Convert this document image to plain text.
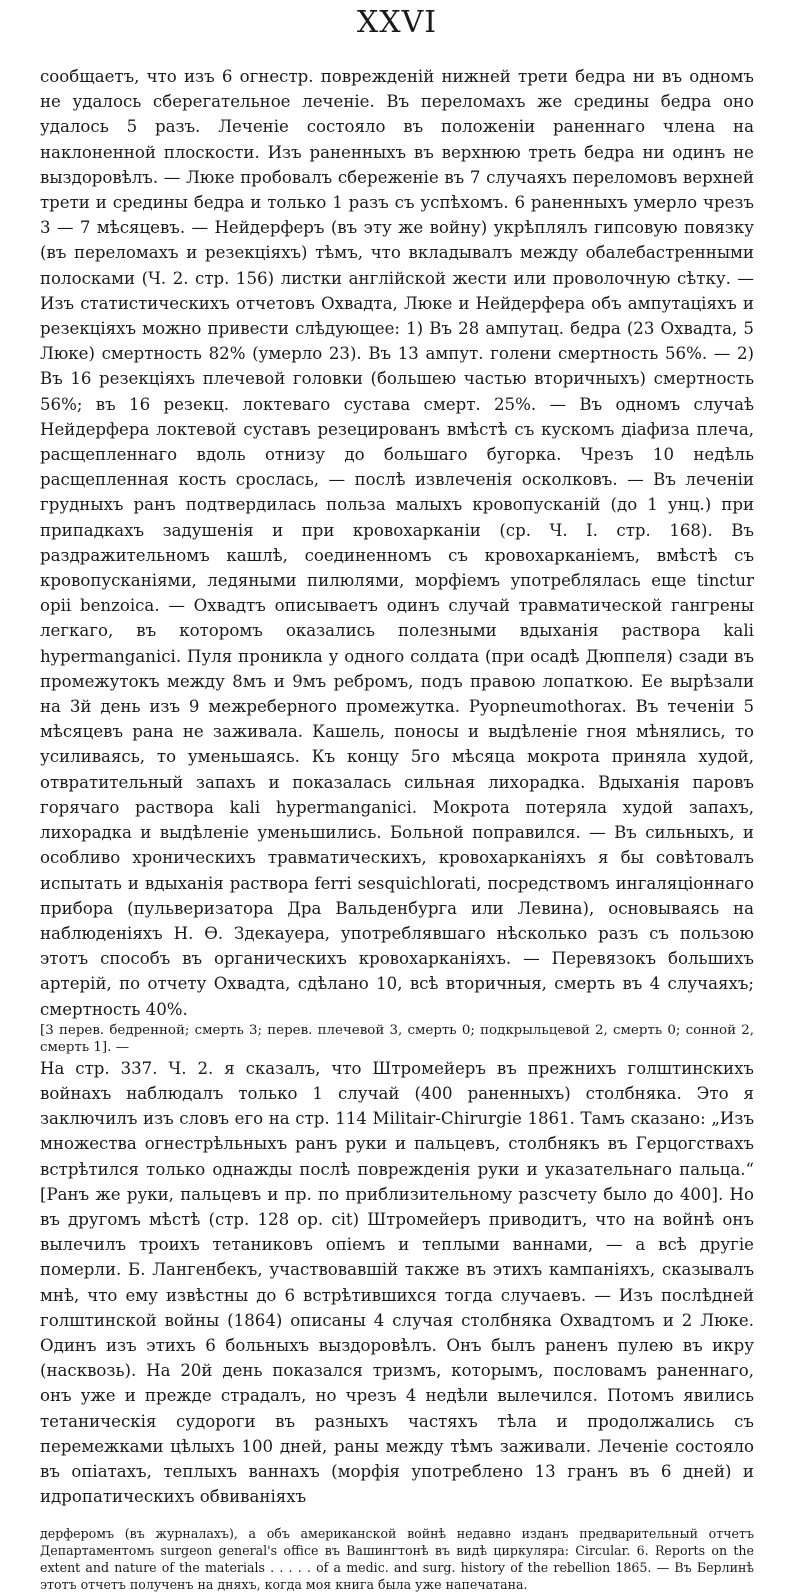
XXVI

сообщаетъ, что изъ 6 огнестр. поврежденій нижней трети бедра ни въ одномъ не удалось сберегательное леченіе. Въ переломахъ же средины бедра оно удалось 5 разъ. Леченіе состояло въ положеніи раненнаго члена на наклоненной плоскости. Изъ раненныхъ въ верхнюю треть бедра ни одинъ не выздоровѣлъ. — Люке пробовалъ сбереженіе въ 7 случаяхъ переломовъ верхней трети и средины бедра и только 1 разъ съ успѣхомъ. 6 раненныхъ умерло чрезъ 3 — 7 мѣсяцевъ. — Нейдерферъ (въ эту же войну) укрѣплялъ гипсовую повязку (въ переломахъ и резекціяхъ) тѣмъ, что вкладывалъ между обалебастренными полосками (Ч. 2. стр. 156) листки англійской жести или проволочную сѣтку. — Изъ статистическихъ отчетовъ Охвадта, Люке и Нейдерфера объ ампутаціяхъ и резекціяхъ можно привести слѣдующее: 1) Въ 28 ампутац. бедра (23 Охвадта, 5 Люке) смертность 82% (умерло 23). Въ 13 ампут. голени смертность 56%. — 2) Въ 16 резекціяхъ плечевой головки (большею частью вторичныхъ) смертность 56%; въ 16 резекц. локтеваго сустава смерт. 25%. — Въ одномъ случаѣ Нейдерфера локтевой суставъ резецированъ вмѣстѣ съ кускомъ діафиза плеча, расщепленнаго вдоль отнизу до большаго бугорка. Чрезъ 10 недѣль расщепленная кость срослась, — послѣ извлеченія осколковъ. — Въ леченіи грудныхъ ранъ подтвердилась польза малыхъ кровопусканій (до 1 унц.) при припадкахъ задушенія и при кровохарканіи (ср. Ч. I. стр. 168). Въ раздражительномъ кашлѣ, соединенномъ съ кровохарканіемъ, вмѣстѣ съ кровопусканіями, ледяными пилюлями, морфіемъ употреблялась еще tinctur opii benzoica. — Охвадтъ описываетъ одинъ случай травматической гангрены легкаго, въ которомъ оказались полезными вдыханія раствора kali hypermanganici. Пуля проникла у одного солдата (при осадѣ Дюппеля) сзади въ промежутокъ между 8мъ и 9мъ ребромъ, подъ правою лопаткою. Ее вырѣзали на 3й день изъ 9 межреберного промежутка. Pyopneumothorax. Въ теченіи 5 мѣсяцевъ рана не заживала. Кашель, поносы и выдѣленіе гноя мѣнялись, то усиливаясь, то уменьшаясь. Къ концу 5го мѣсяца мокрота приняла худой, отвратительный запахъ и показалась сильная лихорадка. Вдыханія паровъ горячаго раствора kali hypermanganici. Мокрота потеряла худой запахъ, лихорадка и выдѣленіе уменьшились. Больной поправился. — Въ сильныхъ, и особливо хроническихъ травматическихъ, кровохарканіяхъ я бы совѣтовалъ испытать и вдыханія раствора ferri sesquichlorati, посредствомъ ингаляціоннаго прибора (пульверизатора Дра Вальденбурга или Левина), основываясь на наблюденіяхъ Н. Ѳ. Здекауера, употреблявшаго нѣсколько разъ съ пользою этотъ способъ въ органическихъ кровохарканіяхъ. — Перевязокъ большихъ артерій, по отчету Охвадта, сдѣлано 10, всѣ вторичныя, смерть въ 4 случаяхъ; смертность 40%.

[3 перев. бедренной; смерть 3; перев. плечевой 3, смерть 0; подкрыльцевой 2, смерть 0; сонной 2, смерть 1]. —

На стр. 337. Ч. 2. я сказалъ, что Штромейеръ въ прежнихъ голштинскихъ войнахъ наблюдалъ только 1 случай (400 раненныхъ) столбняка. Это я заключилъ изъ словъ его на стр. 114 Militair-Chirurgie 1861. Тамъ сказано: „Изъ множества огнестрѣльныхъ ранъ руки и пальцевъ, столбнякъ въ Герцогствахъ встрѣтился только однажды послѣ поврежденія руки и указательнаго пальца.“ [Ранъ же руки, пальцевъ и пр. по приблизительному разсчету было до 400]. Но въ другомъ мѣстѣ (стр. 128 op. cit) Штромейеръ приводитъ, что на войнѣ онъ вылечилъ троихъ тетаниковъ опіемъ и теплыми ваннами, — а всѣ другіе померли. Б. Лангенбекъ, участвовавшій также въ этихъ кампаніяхъ, сказывалъ мнѣ, что ему извѣстны до 6 встрѣтившихся тогда случаевъ. — Изъ послѣдней голштинской войны (1864) описаны 4 случая столбняка Охвадтомъ и 2 Люке. Одинъ изъ этихъ 6 больныхъ выздоровѣлъ. Онъ былъ раненъ пулею въ икру (насквозь). На 20й день показался тризмъ, которымъ, пословамъ раненнаго, онъ уже и прежде страдалъ, но чрезъ 4 недѣли вылечился. Потомъ явились тетаническія судороги въ разныхъ частяхъ тѣла и продолжались съ перемежками цѣлыхъ 100 дней, раны между тѣмъ заживали. Леченіе состояло въ опіатахъ, теплыхъ ваннахъ (морфія употреблено 13 гранъ въ 6 дней) и идропатическихъ обвиваніяхъ

дерферомъ (въ журналахъ), а объ американской войнѣ недавно изданъ предварительный отчетъ Департаментомъ surgeon general's office въ Вашингтонѣ въ видѣ циркуляра: Circular. 6. Reports on the extent and nature of the materials . . . . . of a medic. and surg. history of the rebellion 1865. — Въ Берлинѣ этотъ отчетъ полученъ на дняхъ, когда моя книга была уже напечатана.
